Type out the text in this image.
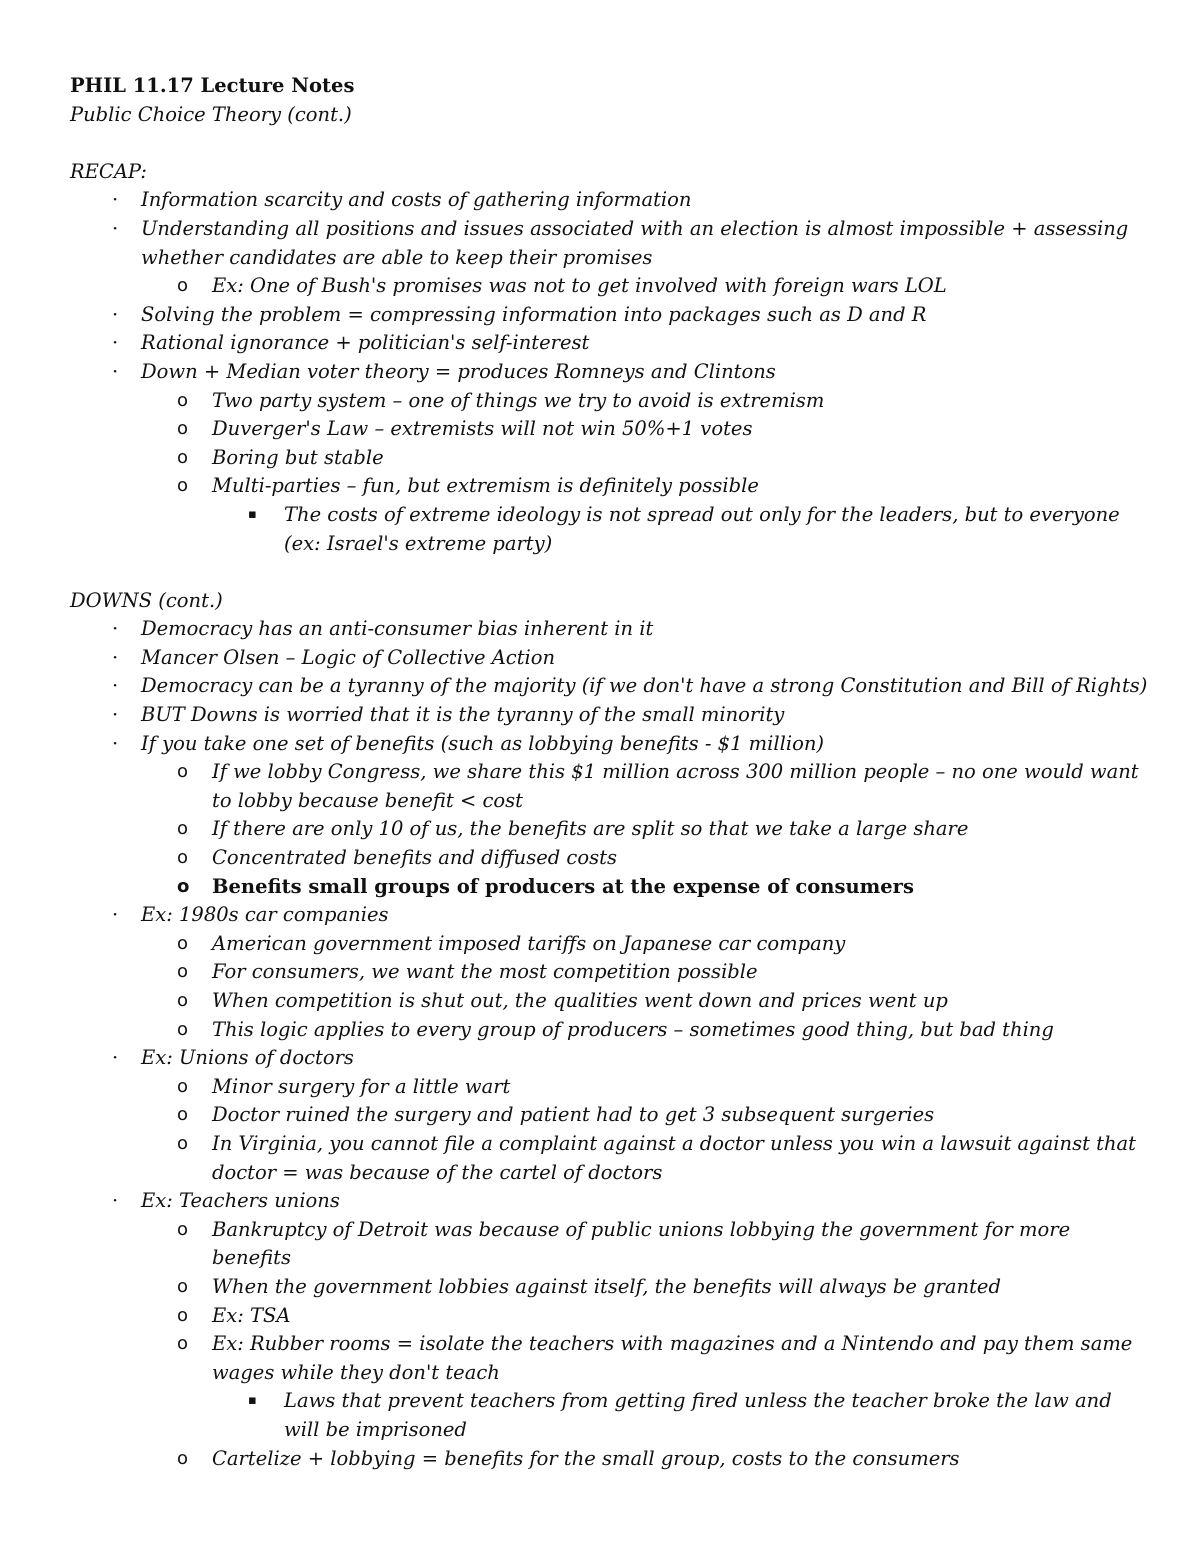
PHIL 11.17 Lecture Notes
Public Choice Theory (cont.)
RECAP:
· Information scarcity and costs of gathering information
· Understanding all positions and issues associated with an election is almost impossible + assessing whether candidates are able to keep their promises
o Ex: One of Bush's promises was not to get involved with foreign wars LOL
· Solving the problem = compressing information into packages such as D and R
· Rational ignorance + politician's self-interest
· Down + Median voter theory = produces Romneys and Clintons
o Two party system – one of things we try to avoid is extremism
o Duverger's Law – extremists will not win 50%+1 votes
o Boring but stable
o Multi-parties – fun, but extremism is definitely possible
▪ The costs of extreme ideology is not spread out only for the leaders, but to everyone (ex: Israel's extreme party)
DOWNS (cont.)
· Democracy has an anti-consumer bias inherent in it
· Mancer Olsen – Logic of Collective Action
· Democracy can be a tyranny of the majority (if we don't have a strong Constitution and Bill of Rights)
· BUT Downs is worried that it is the tyranny of the small minority
· If you take one set of benefits (such as lobbying benefits - $1 million)
o If we lobby Congress, we share this $1 million across 300 million people – no one would want to lobby because benefit < cost
o If there are only 10 of us, the benefits are split so that we take a large share
o Concentrated benefits and diffused costs
o Benefits small groups of producers at the expense of consumers
· Ex: 1980s car companies
o American government imposed tariffs on Japanese car company
o For consumers, we want the most competition possible
o When competition is shut out, the qualities went down and prices went up
o This logic applies to every group of producers – sometimes good thing, but bad thing
· Ex: Unions of doctors
o Minor surgery for a little wart
o Doctor ruined the surgery and patient had to get 3 subsequent surgeries
o In Virginia, you cannot file a complaint against a doctor unless you win a lawsuit against that doctor = was because of the cartel of doctors
· Ex: Teachers unions
o Bankruptcy of Detroit was because of public unions lobbying the government for more benefits
o When the government lobbies against itself, the benefits will always be granted
o Ex: TSA
o Ex: Rubber rooms = isolate the teachers with magazines and a Nintendo and pay them same wages while they don't teach
▪ Laws that prevent teachers from getting fired unless the teacher broke the law and will be imprisoned
o Cartelize + lobbying = benefits for the small group, costs to the consumers
